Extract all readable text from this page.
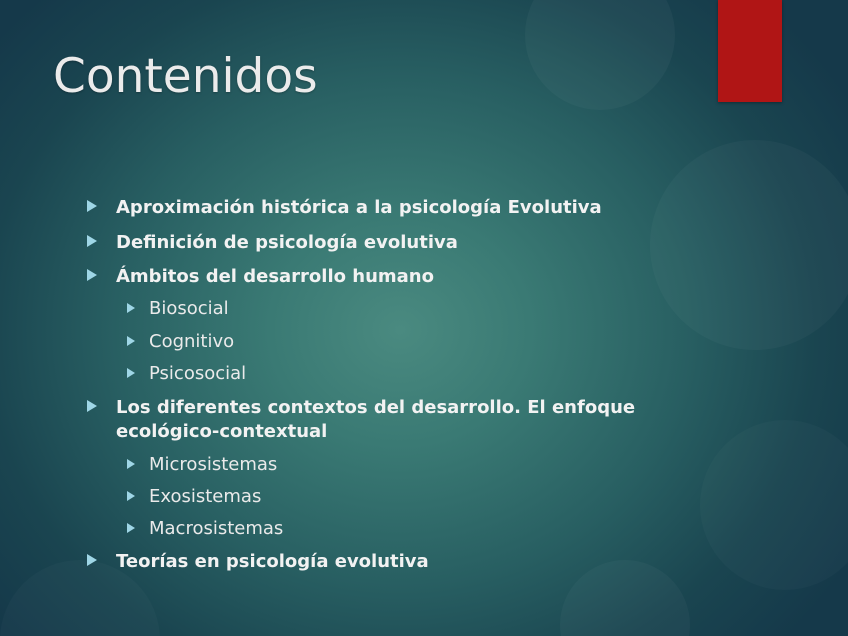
Contenidos
Aproximación histórica a la psicología Evolutiva
Definición de psicología evolutiva
Ámbitos del desarrollo humano
Biosocial
Cognitivo
Psicosocial
Los diferentes contextos del desarrollo. El enfoque ecológico-contextual
Microsistemas
Exosistemas
Macrosistemas
Teorías en psicología evolutiva
